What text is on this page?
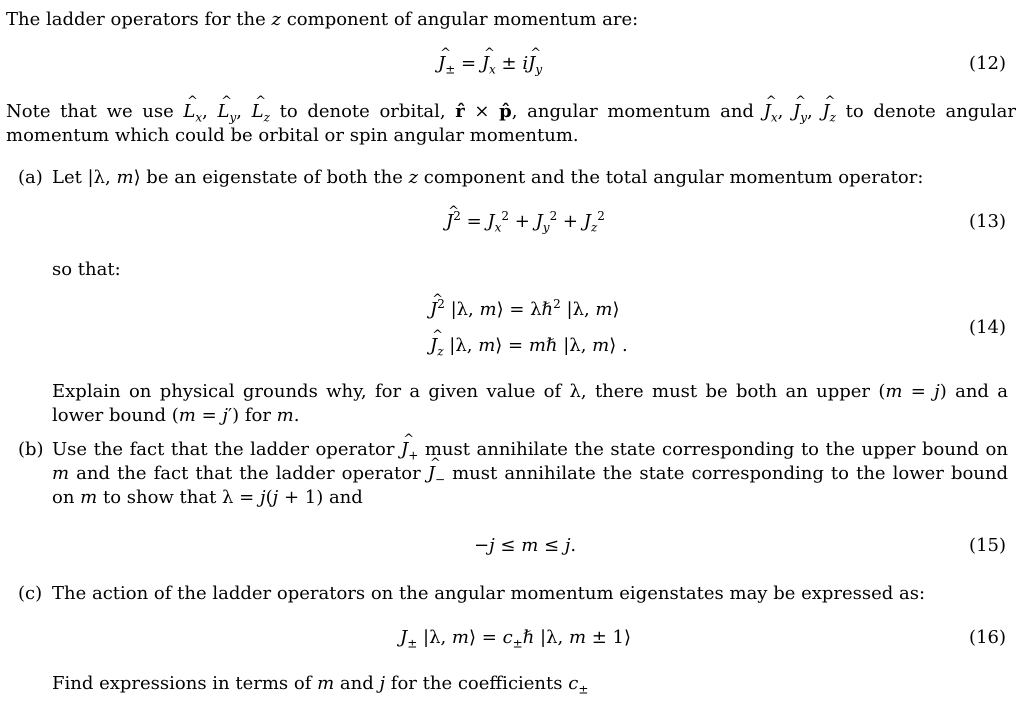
The ladder operators for the z component of angular momentum are:
J $\^{}_\pm = J$ $\^{}_x$ ± iJ $\^{}_y$	(12)
Note that we use L $\^{}_x$, L $\^{}_y$, L $\^{}_z$ to denote orbital, r̂ × p̂, angular momentum and J $\^{}_x$, J $\^{}_y$, J $\^{}_z$ to denote angular momentum which could be orbital or spin angular momentum.
(a) Let |λ, m⟩ be an eigenstate of both the z component and the total angular momentum operator:
J ^$^2$ = $J_x^2 + J_y^2 + J_z^2$	(13)
so that:
J ^$^2$ |λ, m⟩ = λℏ$^2$ |λ, m⟩
J $\^{}_z$ |λ, m⟩ = mℏ |λ, m⟩ .
(14)
Explain on physical grounds why, for a given value of λ, there must be both an upper (m = j) and a lower bound (m = j′) for m.
(b) Use the fact that the ladder operator J $\^{}_+$ must annihilate the state corresponding to the upper bound on m and the fact that the ladder operator J $\^{}_-$ must annihilate the state corresponding to the lower bound on m to show that λ = j(j + 1) and
−j ≤ m ≤ j.	(15)
(c) The action of the ladder operators on the angular momentum eigenstates may be expressed as:
$J_\pm$ |λ, m⟩ = $c_\pm\hbar$ |λ, m ± 1⟩	(16)
Find expressions in terms of m and j for the coefficients $c_\pm$
